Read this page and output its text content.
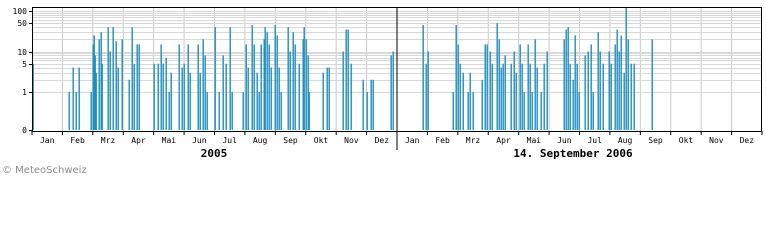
0
1
5
10
50
100
Jan Feb Mrz Apr Mai Jun Jul Aug Sep Okt Nov Dez Jan Feb Mrz Apr Mai Jun Jul Aug Sep Okt Nov Dez
2005	14. September 2006
© MeteoSchweiz
